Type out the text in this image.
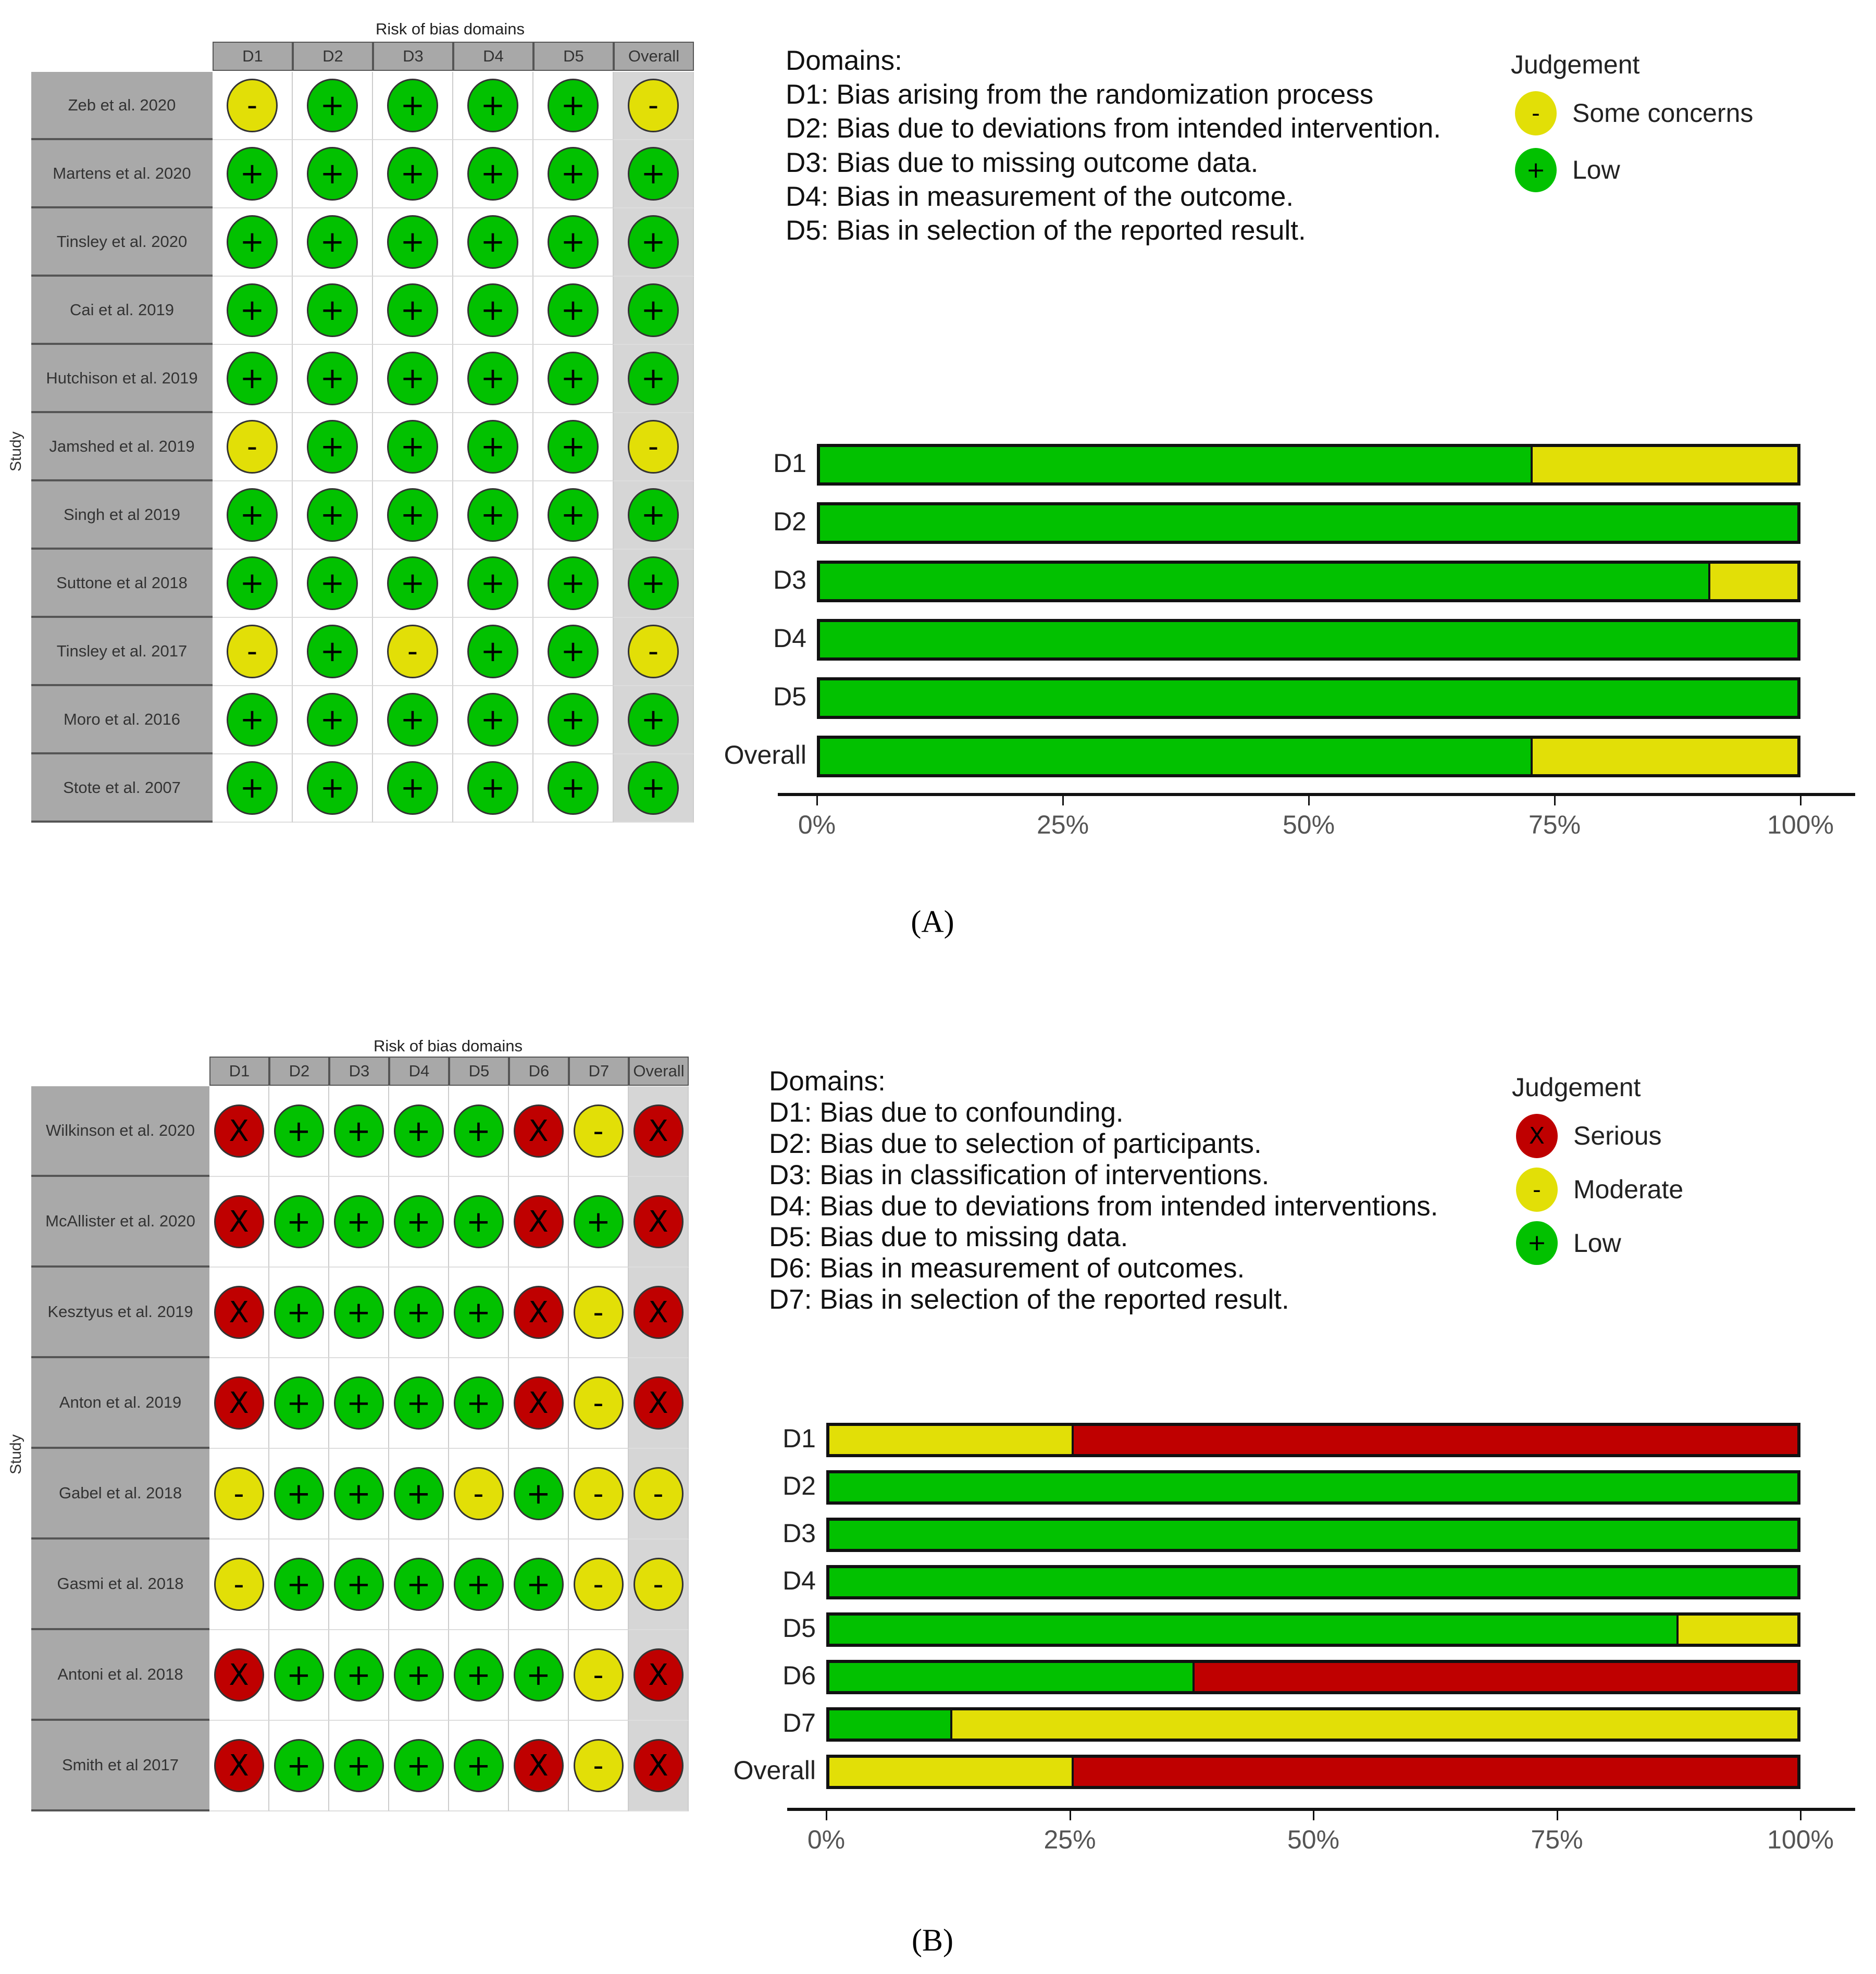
Risk of bias domains
Study
D1	D2	D3	D4	D5	Overall
Zeb et al. 2020	-	+	+	+	+	-
Martens et al. 2020	+	+	+	+	+	+
Tinsley et al. 2020	+	+	+	+	+	+
Cai et al. 2019	+	+	+	+	+	+
Hutchison et al. 2019	+	+	+	+	+	+
Jamshed et al. 2019	-	+	+	+	+	-
Singh et al 2019	+	+	+	+	+	+
Suttone et al 2018	+	+	+	+	+	+
Tinsley et al. 2017	-	+	-	+	+	-
Moro et al. 2016	+	+	+	+	+	+
Stote et al. 2007	+	+	+	+	+	+
Domains:
D1: Bias arising from the randomization process
D2: Bias due to deviations from intended intervention.
D3: Bias due to missing outcome data.
D4: Bias in measurement of the outcome.
D5: Bias in selection of the reported result.
Judgement
-	Some concerns
+	Low
D1
D2
D3
D4
D5
Overall
0%	25%	50%	75%	100%
(A)
Risk of bias domains
Study
D1	D2	D3	D4	D5	D6	D7	Overall
Wilkinson et al. 2020	X	+	+	+	+	X	-	X
McAllister et al. 2020	X	+	+	+	+	X	+	X
Kesztyus et al. 2019	X	+	+	+	+	X	-	X
Anton et al. 2019	X	+	+	+	+	X	-	X
Gabel et al. 2018	-	+	+	+	-	+	-	-
Gasmi et al. 2018	-	+	+	+	+	+	-	-
Antoni et al. 2018	X	+	+	+	+	+	-	X
Smith et al 2017	X	+	+	+	+	X	-	X
Domains:
D1: Bias due to confounding.
D2: Bias due to selection of participants.
D3: Bias in classification of interventions.
D4: Bias due to deviations from intended interventions.
D5: Bias due to missing data.
D6: Bias in measurement of outcomes.
D7: Bias in selection of the reported result.
Judgement
X	Serious
-	Moderate
+	Low
D1
D2
D3
D4
D5
D6
D7
Overall
0%	25%	50%	75%	100%
(B)
